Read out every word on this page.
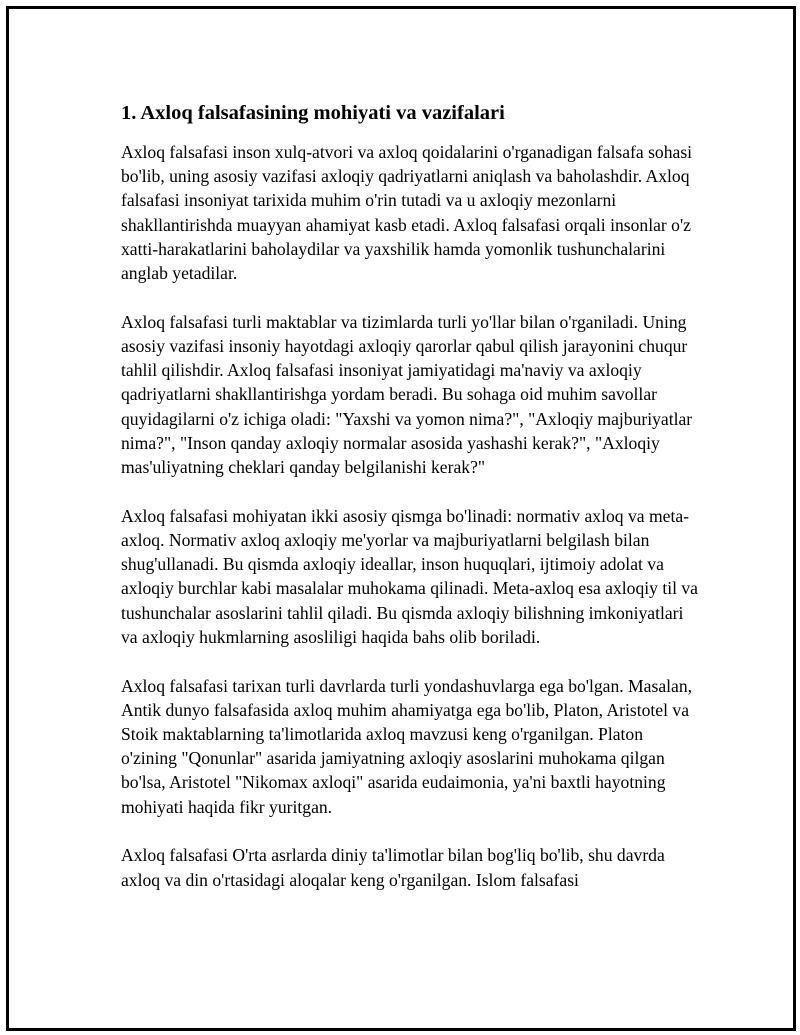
1. Axloq falsafasining mohiyati va vazifalari

Axloq falsafasi inson xulq-atvori va axloq qoidalarini o'rganadigan falsafa sohasi bo'lib, uning asosiy vazifasi axloqiy qadriyatlarni aniqlash va baholashdir. Axloq falsafasi insoniyat tarixida muhim o'rin tutadi va u axloqiy mezonlarni shakllantirishda muayyan ahamiyat kasb etadi. Axloq falsafasi orqali insonlar o'z xatti-harakatlarini baholaydilar va yaxshilik hamda yomonlik tushunchalarini anglab yetadilar.

Axloq falsafasi turli maktablar va tizimlarda turli yo'llar bilan o'rganiladi. Uning asosiy vazifasi insoniy hayotdagi axloqiy qarorlar qabul qilish jarayonini chuqur tahlil qilishdir. Axloq falsafasi insoniyat jamiyatidagi ma'naviy va axloqiy qadriyatlarni shakllantirishga yordam beradi. Bu sohaga oid muhim savollar quyidagilarni o'z ichiga oladi: "Yaxshi va yomon nima?", "Axloqiy majburiyatlar nima?", "Inson qanday axloqiy normalar asosida yashashi kerak?", "Axloqiy mas'uliyatning cheklari qanday belgilanishi kerak?"

Axloq falsafasi mohiyatan ikki asosiy qismga bo'linadi: normativ axloq va meta-axloq. Normativ axloq axloqiy me'yorlar va majburiyatlarni belgilash bilan shug'ullanadi. Bu qismda axloqiy ideallar, inson huquqlari, ijtimoiy adolat va axloqiy burchlar kabi masalalar muhokama qilinadi. Meta-axloq esa axloqiy til va tushunchalar asoslarini tahlil qiladi. Bu qismda axloqiy bilishning imkoniyatlari va axloqiy hukmlarning asosliligi haqida bahs olib boriladi.

Axloq falsafasi tarixan turli davrlarda turli yondashuvlarga ega bo'lgan. Masalan, Antik dunyo falsafasida axloq muhim ahamiyatga ega bo'lib, Platon, Aristotel va Stoik maktablarning ta'limotlarida axloq mavzusi keng o'rganilgan. Platon o'zining "Qonunlar" asarida jamiyatning axloqiy asoslarini muhokama qilgan bo'lsa, Aristotel "Nikomax axloqi" asarida eudaimonia, ya'ni baxtli hayotning mohiyati haqida fikr yuritgan.

Axloq falsafasi O'rta asrlarda diniy ta'limotlar bilan bog'liq bo'lib, shu davrda axloq va din o'rtasidagi aloqalar keng o'rganilgan. Islom falsafasi
